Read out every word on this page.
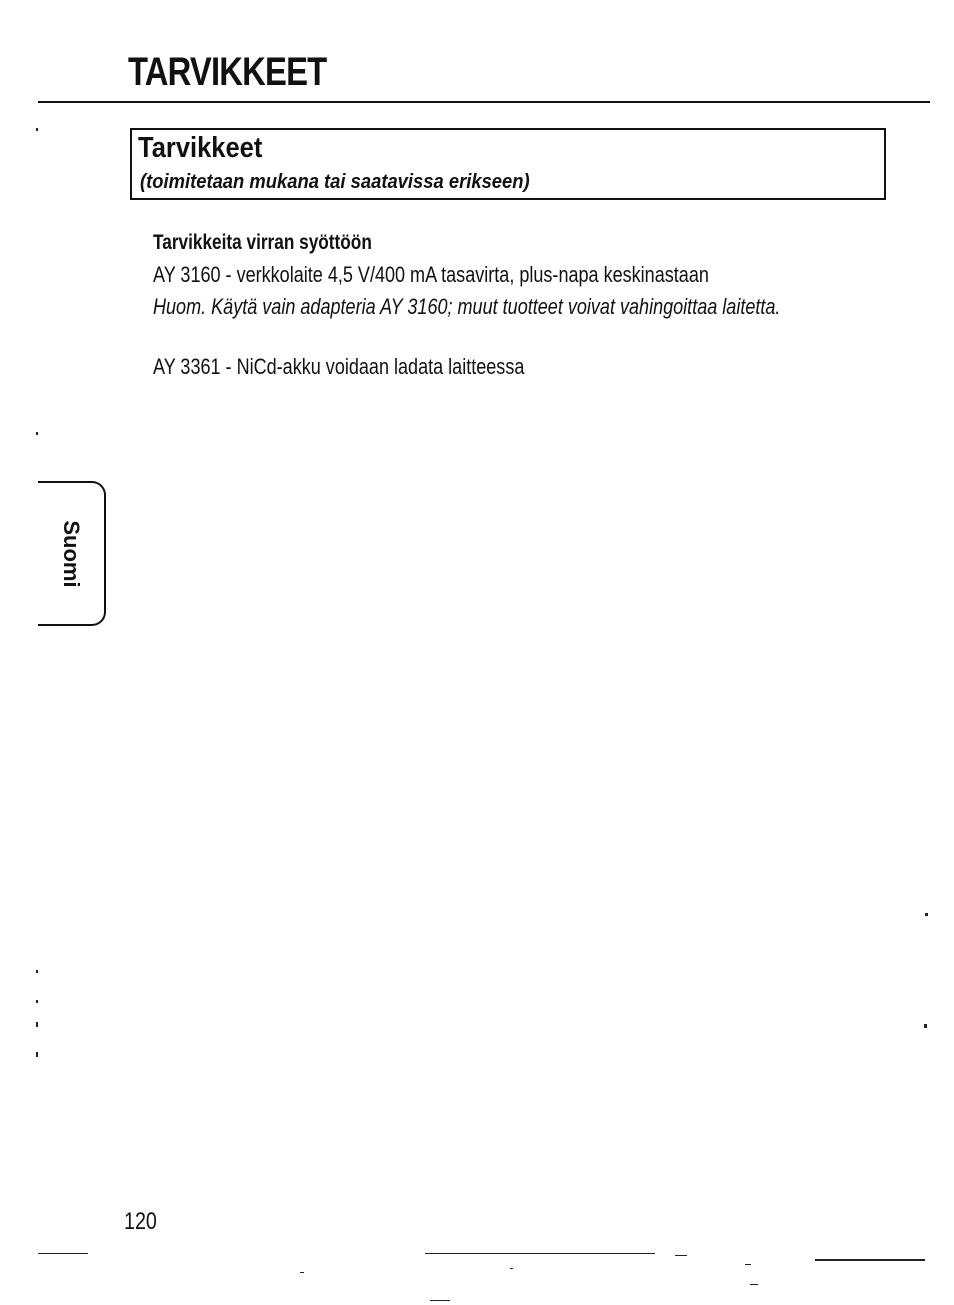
TARVIKKEET
Tarvikkeet

(toimitetaan mukana tai saatavissa erikseen)

Tarvikkeita virran syöttöön

AY 3160 - verkkolaite 4,5 V/400 mA tasavirta, plus-napa keskinastaan

Huom. Käytä vain adapteria AY 3160; muut tuotteet voivat vahingoittaa laitetta.

AY 3361 - NiCd-akku voidaan ladata laitteessa

Suomi

120
